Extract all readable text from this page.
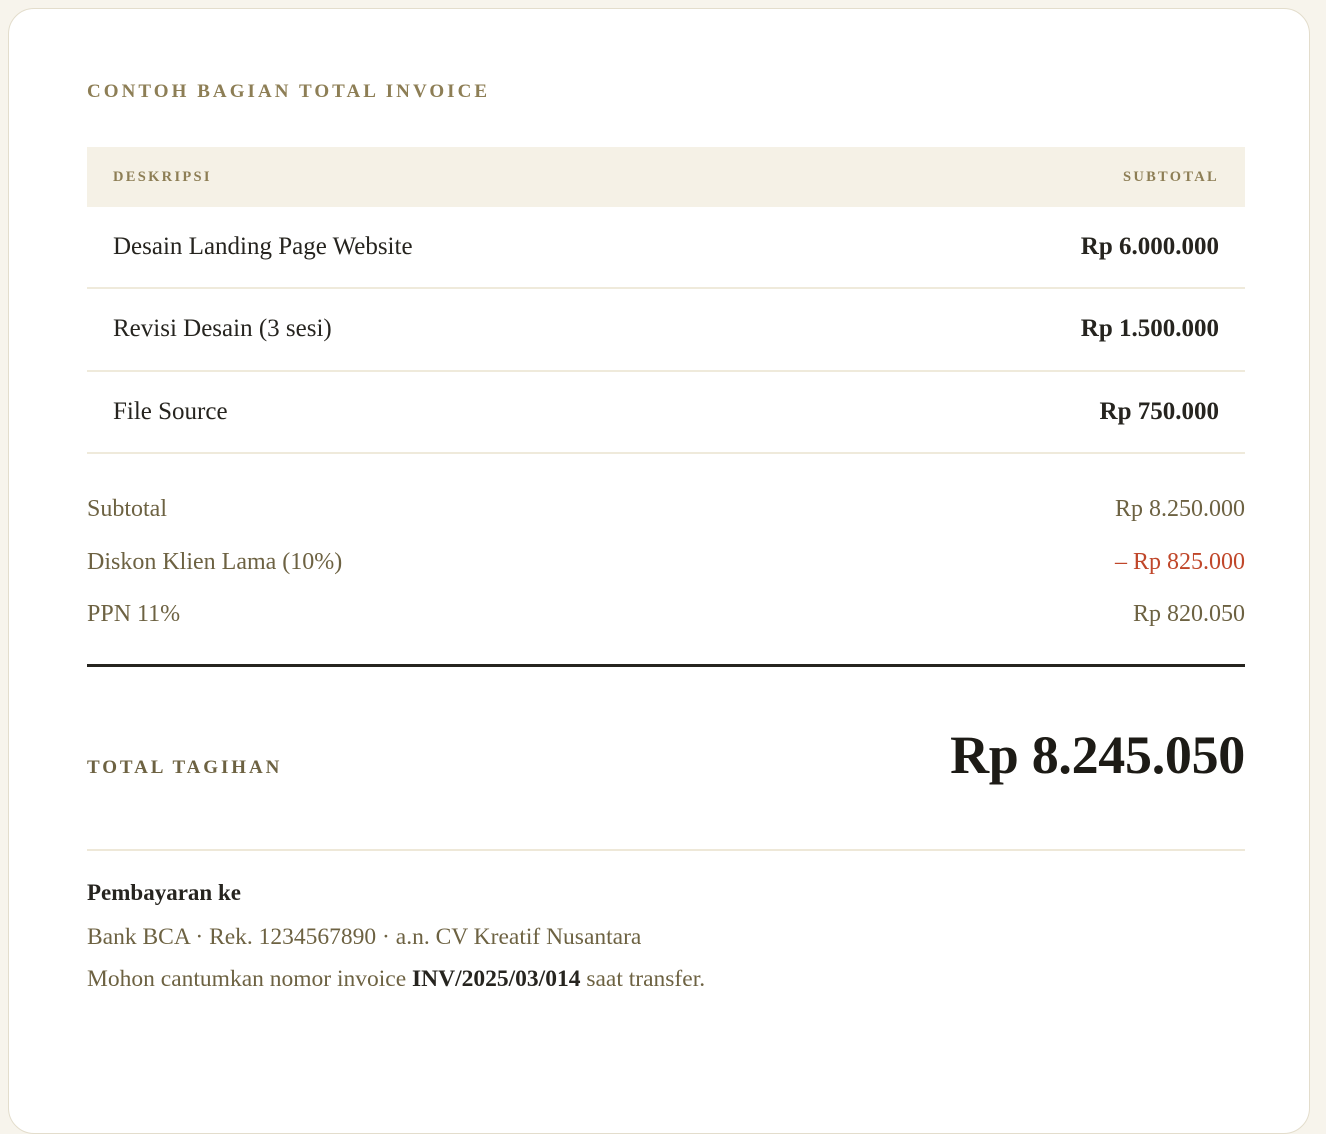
CONTOH BAGIAN TOTAL INVOICE
DESKRIPSI	SUBTOTAL
Desain Landing Page Website	Rp 6.000.000
Revisi Desain (3 sesi)	Rp 1.500.000
File Source	Rp 750.000
Subtotal	Rp 8.250.000
Diskon Klien Lama (10%)	– Rp 825.000
PPN 11%	Rp 820.050
TOTAL TAGIHAN	Rp 8.245.050
Pembayaran ke
Bank BCA · Rek. 1234567890 · a.n. CV Kreatif Nusantara
Mohon cantumkan nomor invoice INV/2025/03/014 saat transfer.
